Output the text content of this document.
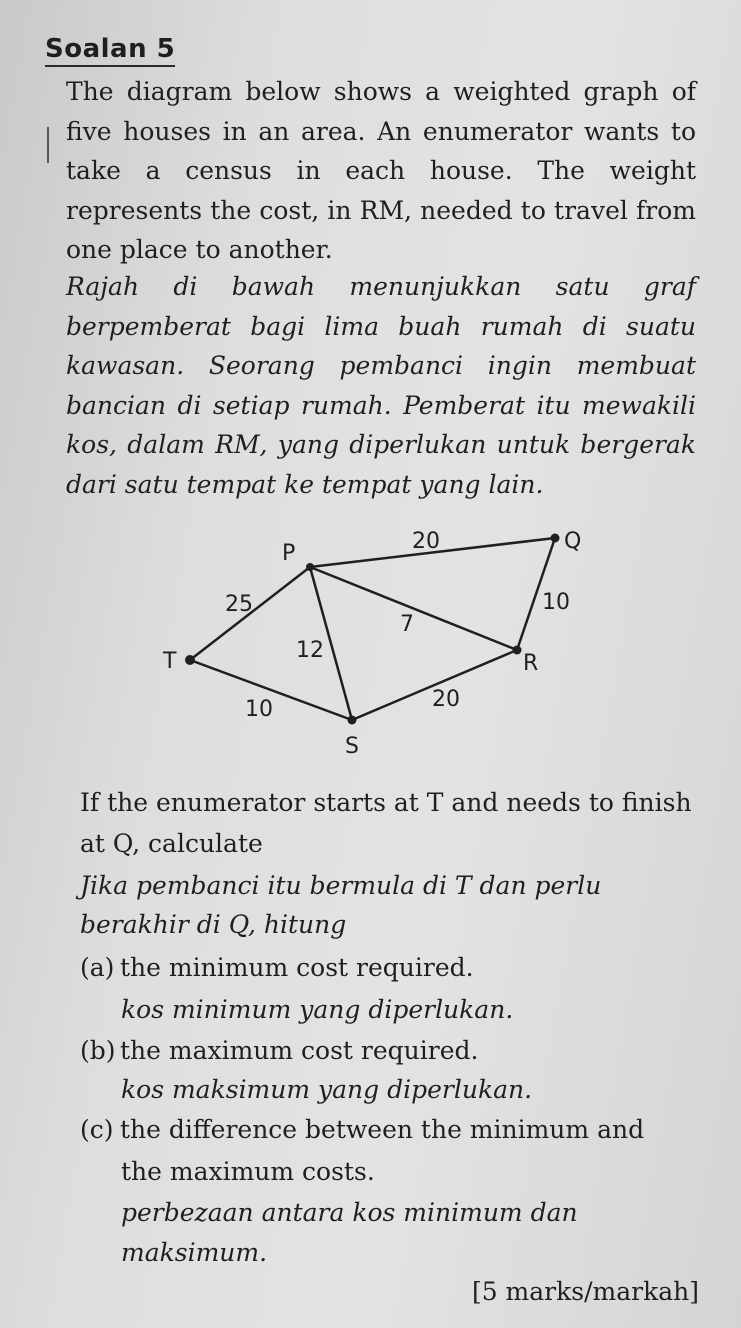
Soalan 5
The diagram below shows a weighted graph of five houses in an area. An enumerator wants to take a census in each house. The weight represents the cost, in RM, needed to travel from one place to another.
Rajah di bawah menunjukkan satu graf berpemberat bagi lima buah rumah di suatu kawasan. Seorang pembanci ingin membuat bancian di setiap rumah. Pemberat itu mewakili kos, dalam RM, yang diperlukan untuk bergerak dari satu tempat ke tempat yang lain.
P	Q
R
S
T
20
10
7
25
12
10	20
If the enumerator starts at T and needs to finish
at Q, calculate
Jika pembanci itu bermula di T dan perlu
berakhir di Q, hitung
(a) the minimum cost required.
kos minimum yang diperlukan.
(b) the maximum cost required.
kos maksimum yang diperlukan.
(c) the difference between the minimum and
the maximum costs.
perbezaan antara kos minimum dan
maksimum.
[5 marks/markah]
